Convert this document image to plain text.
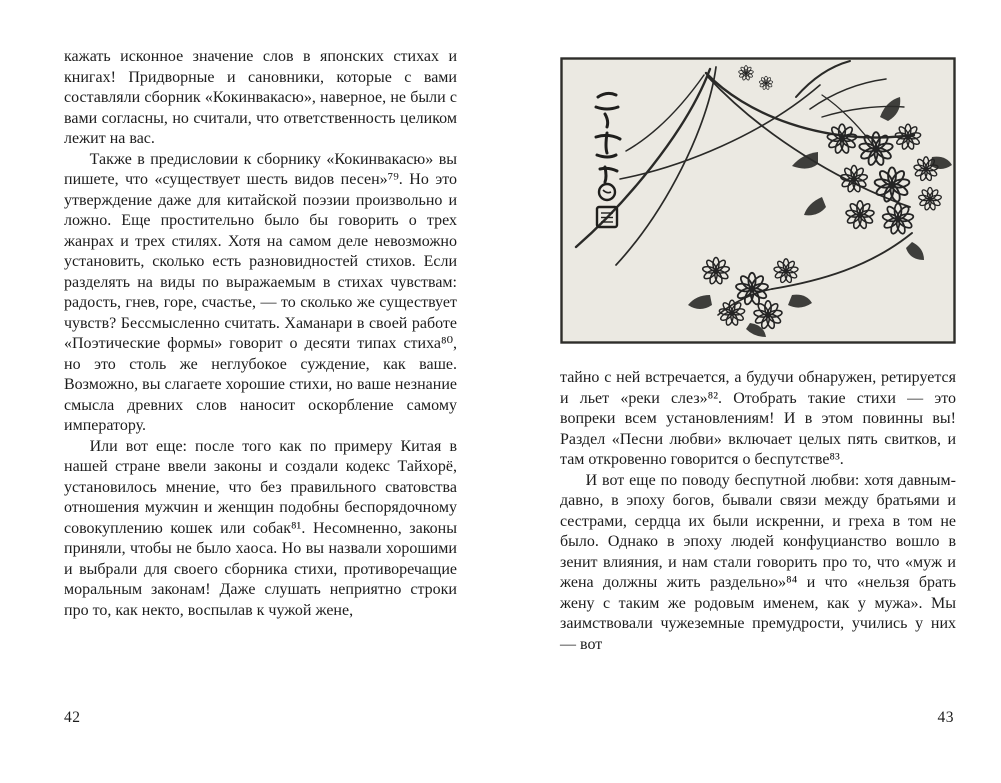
кажать исконное значение слов в японских стихах и книгах! Придворные и сановники, которые с вами составляли сборник «Кокинвакасю», наверное, не были с вами согласны, но считали, что ответственность целиком лежит на вас.

Также в предисловии к сборнику «Кокинвакасю» вы пишете, что «существует шесть видов песен»⁷⁹. Но это утверждение даже для китайской поэзии произвольно и ложно. Еще простительно было бы говорить о трех жанрах и трех стилях. Хотя на самом деле невозможно установить, сколько есть разновидностей стихов. Если разделять на виды по выражаемым в стихах чувствам: радость, гнев, горе, счастье, — то сколько же существует чувств? Бессмысленно считать. Хаманари в своей работе «Поэтические формы» говорит о десяти типах стиха⁸⁰, но это столь же неглубокое суждение, как ваше. Возможно, вы слагаете хорошие стихи, но ваше незнание смысла древних слов наносит оскорбление самому императору.

Или вот еще: после того как по примеру Китая в нашей стране ввели законы и создали кодекс Тайхорё, установилось мнение, что без правильного сватовства отношения мужчин и женщин подобны беспорядочному совокуплению кошек или собак⁸¹. Несомненно, законы приняли, чтобы не было хаоса. Но вы назвали хорошими и выбрали для своего сборника стихи, противоречащие моральным законам! Даже слушать неприятно строки про то, как некто, воспылав к чужой жене,

42

тайно с ней встречается, а будучи обнаружен, ретируется и льет «реки слез»⁸². Отобрать такие стихи — это вопреки всем установлениям! И в этом повинны вы! Раздел «Песни любви» включает целых пять свитков, и там откровенно говорится о беспутстве⁸³.

И вот еще по поводу беспутной любви: хотя давным-давно, в эпоху богов, бывали связи между братьями и сестрами, сердца их были искренни, и греха в том не было. Однако в эпоху людей конфуцианство вошло в зенит влияния, и нам стали говорить про то, что «муж и жена должны жить раздельно»⁸⁴ и что «нельзя брать жену с таким же родовым именем, как у мужа». Мы заимствовали чужеземные премудрости, учились у них — вот

43
